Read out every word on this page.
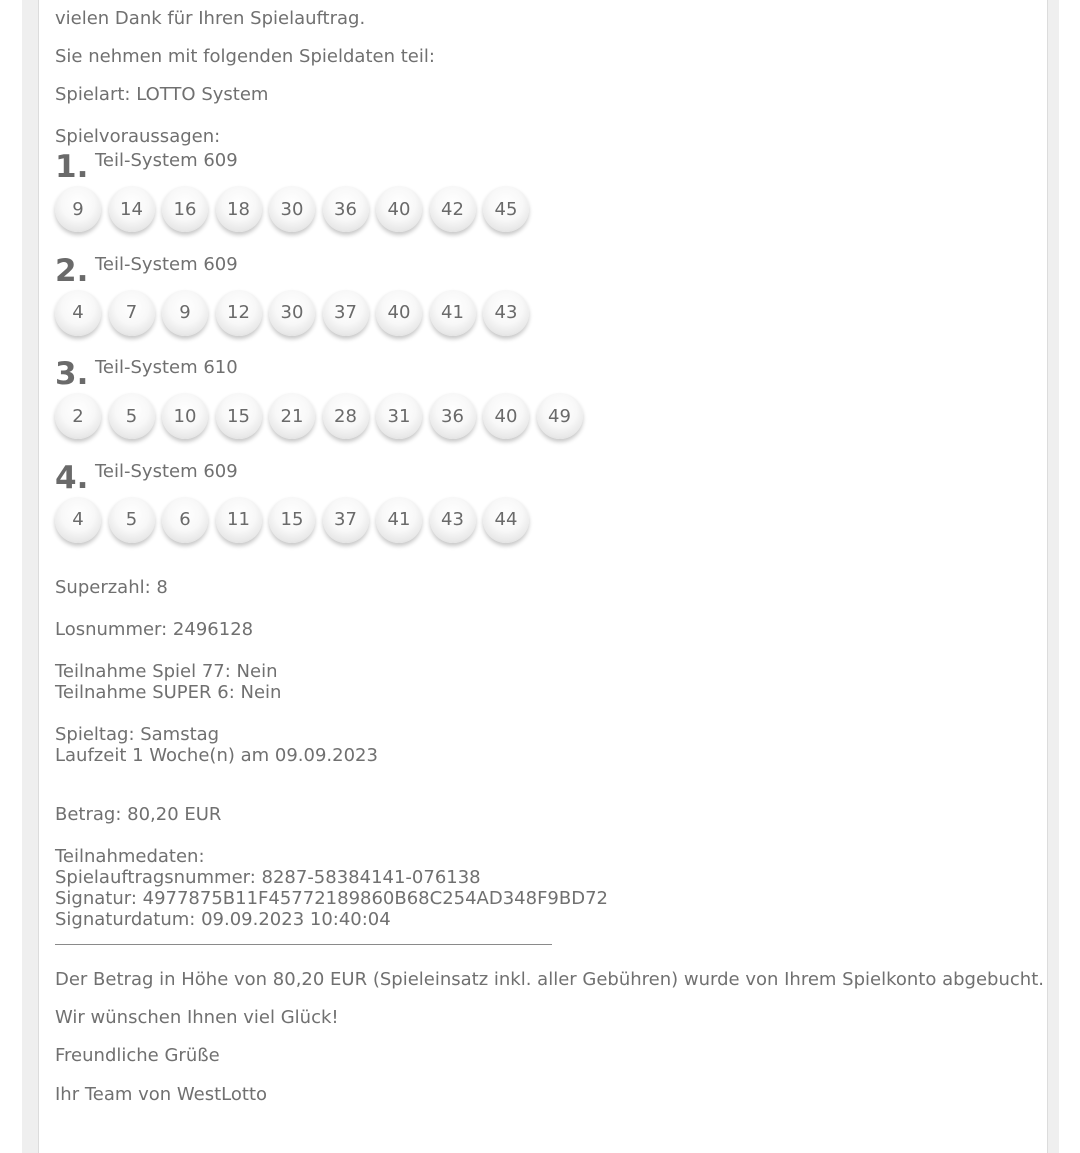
vielen Dank für Ihren Spielauftrag.

Sie nehmen mit folgenden Spieldaten teil:

Spielart: LOTTO System

Spielvoraussagen:

1. Teil-System 609
9	14	16	18	30	36	40	42	45
2. Teil-System 609
4	7	9	12	30	37	40	41	43
3. Teil-System 610
2	5	10	15	21	28	31	36	40	49
4. Teil-System 609
4	5	6	11	15	37	41	43	44

Superzahl: 8

Losnummer: 2496128

Teilnahme Spiel 77: Nein

Teilnahme SUPER 6: Nein

Spieltag: Samstag

Laufzeit 1 Woche(n) am 09.09.2023

Betrag: 80,20 EUR

Teilnahmedaten:

Spielauftragsnummer: 8287-58384141-076138

Signatur: 4977875B11F45772189860B68C254AD348F9BD72

Signaturdatum: 09.09.2023 10:40:04

Der Betrag in Höhe von 80,20 EUR (Spieleinsatz inkl. aller Gebühren) wurde von Ihrem Spielkonto abgebucht.

Wir wünschen Ihnen viel Glück!

Freundliche Grüße

Ihr Team von WestLotto
